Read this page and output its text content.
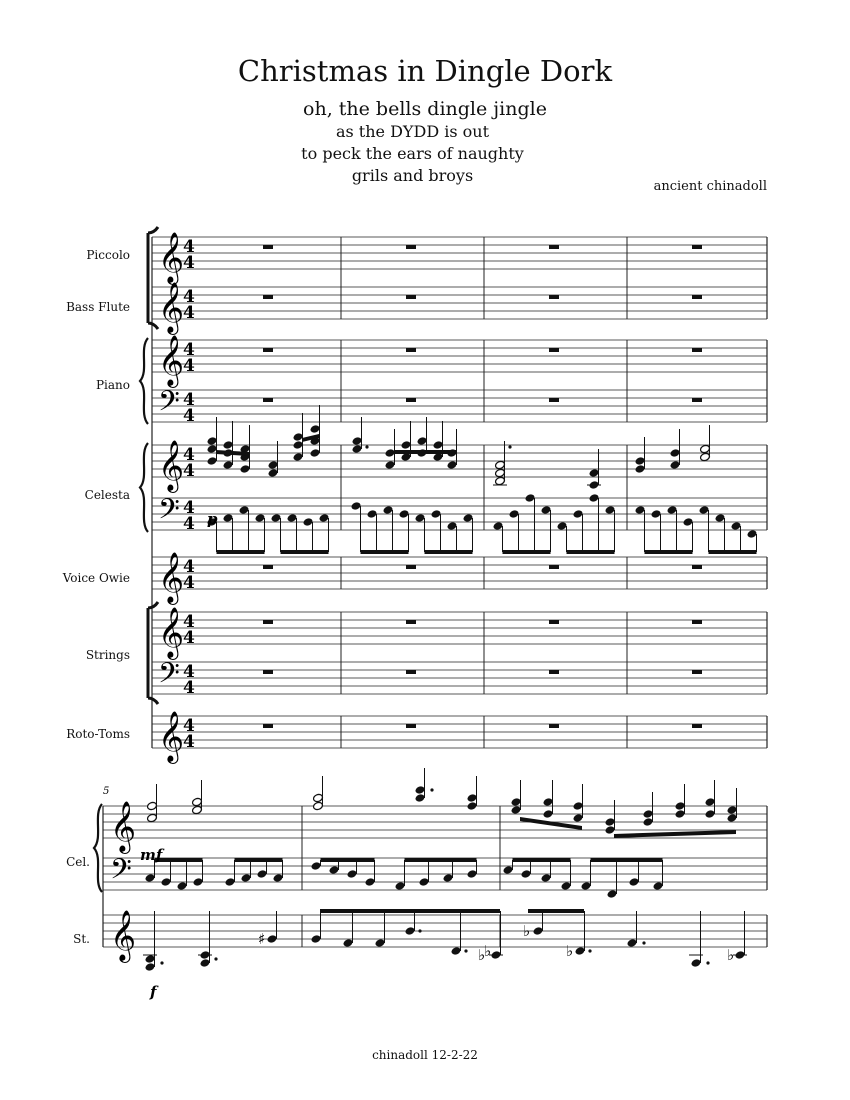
Christmas in Dingle Dork
oh, the bells dingle jingle
as the DYDD is out
to peck the ears of naughty
grils and broys
ancient chinadoll
Piccolo
Bass Flute
Piano
Celesta
Voice Owie
Strings
Roto-Toms
Cel.
St.
𝄞
4
4
𝄞
4
4
𝄞
4
4
𝄢 4
4
𝄞
4
4
𝄢 4
4
𝄞
4
4
𝄞
4
4
𝄢 4
4
𝄞
4
4
𝄞
𝄢
𝄞	♯
♭
♭
♭
♭	♭
5
p
mf
f
chinadoll 12-2-22
